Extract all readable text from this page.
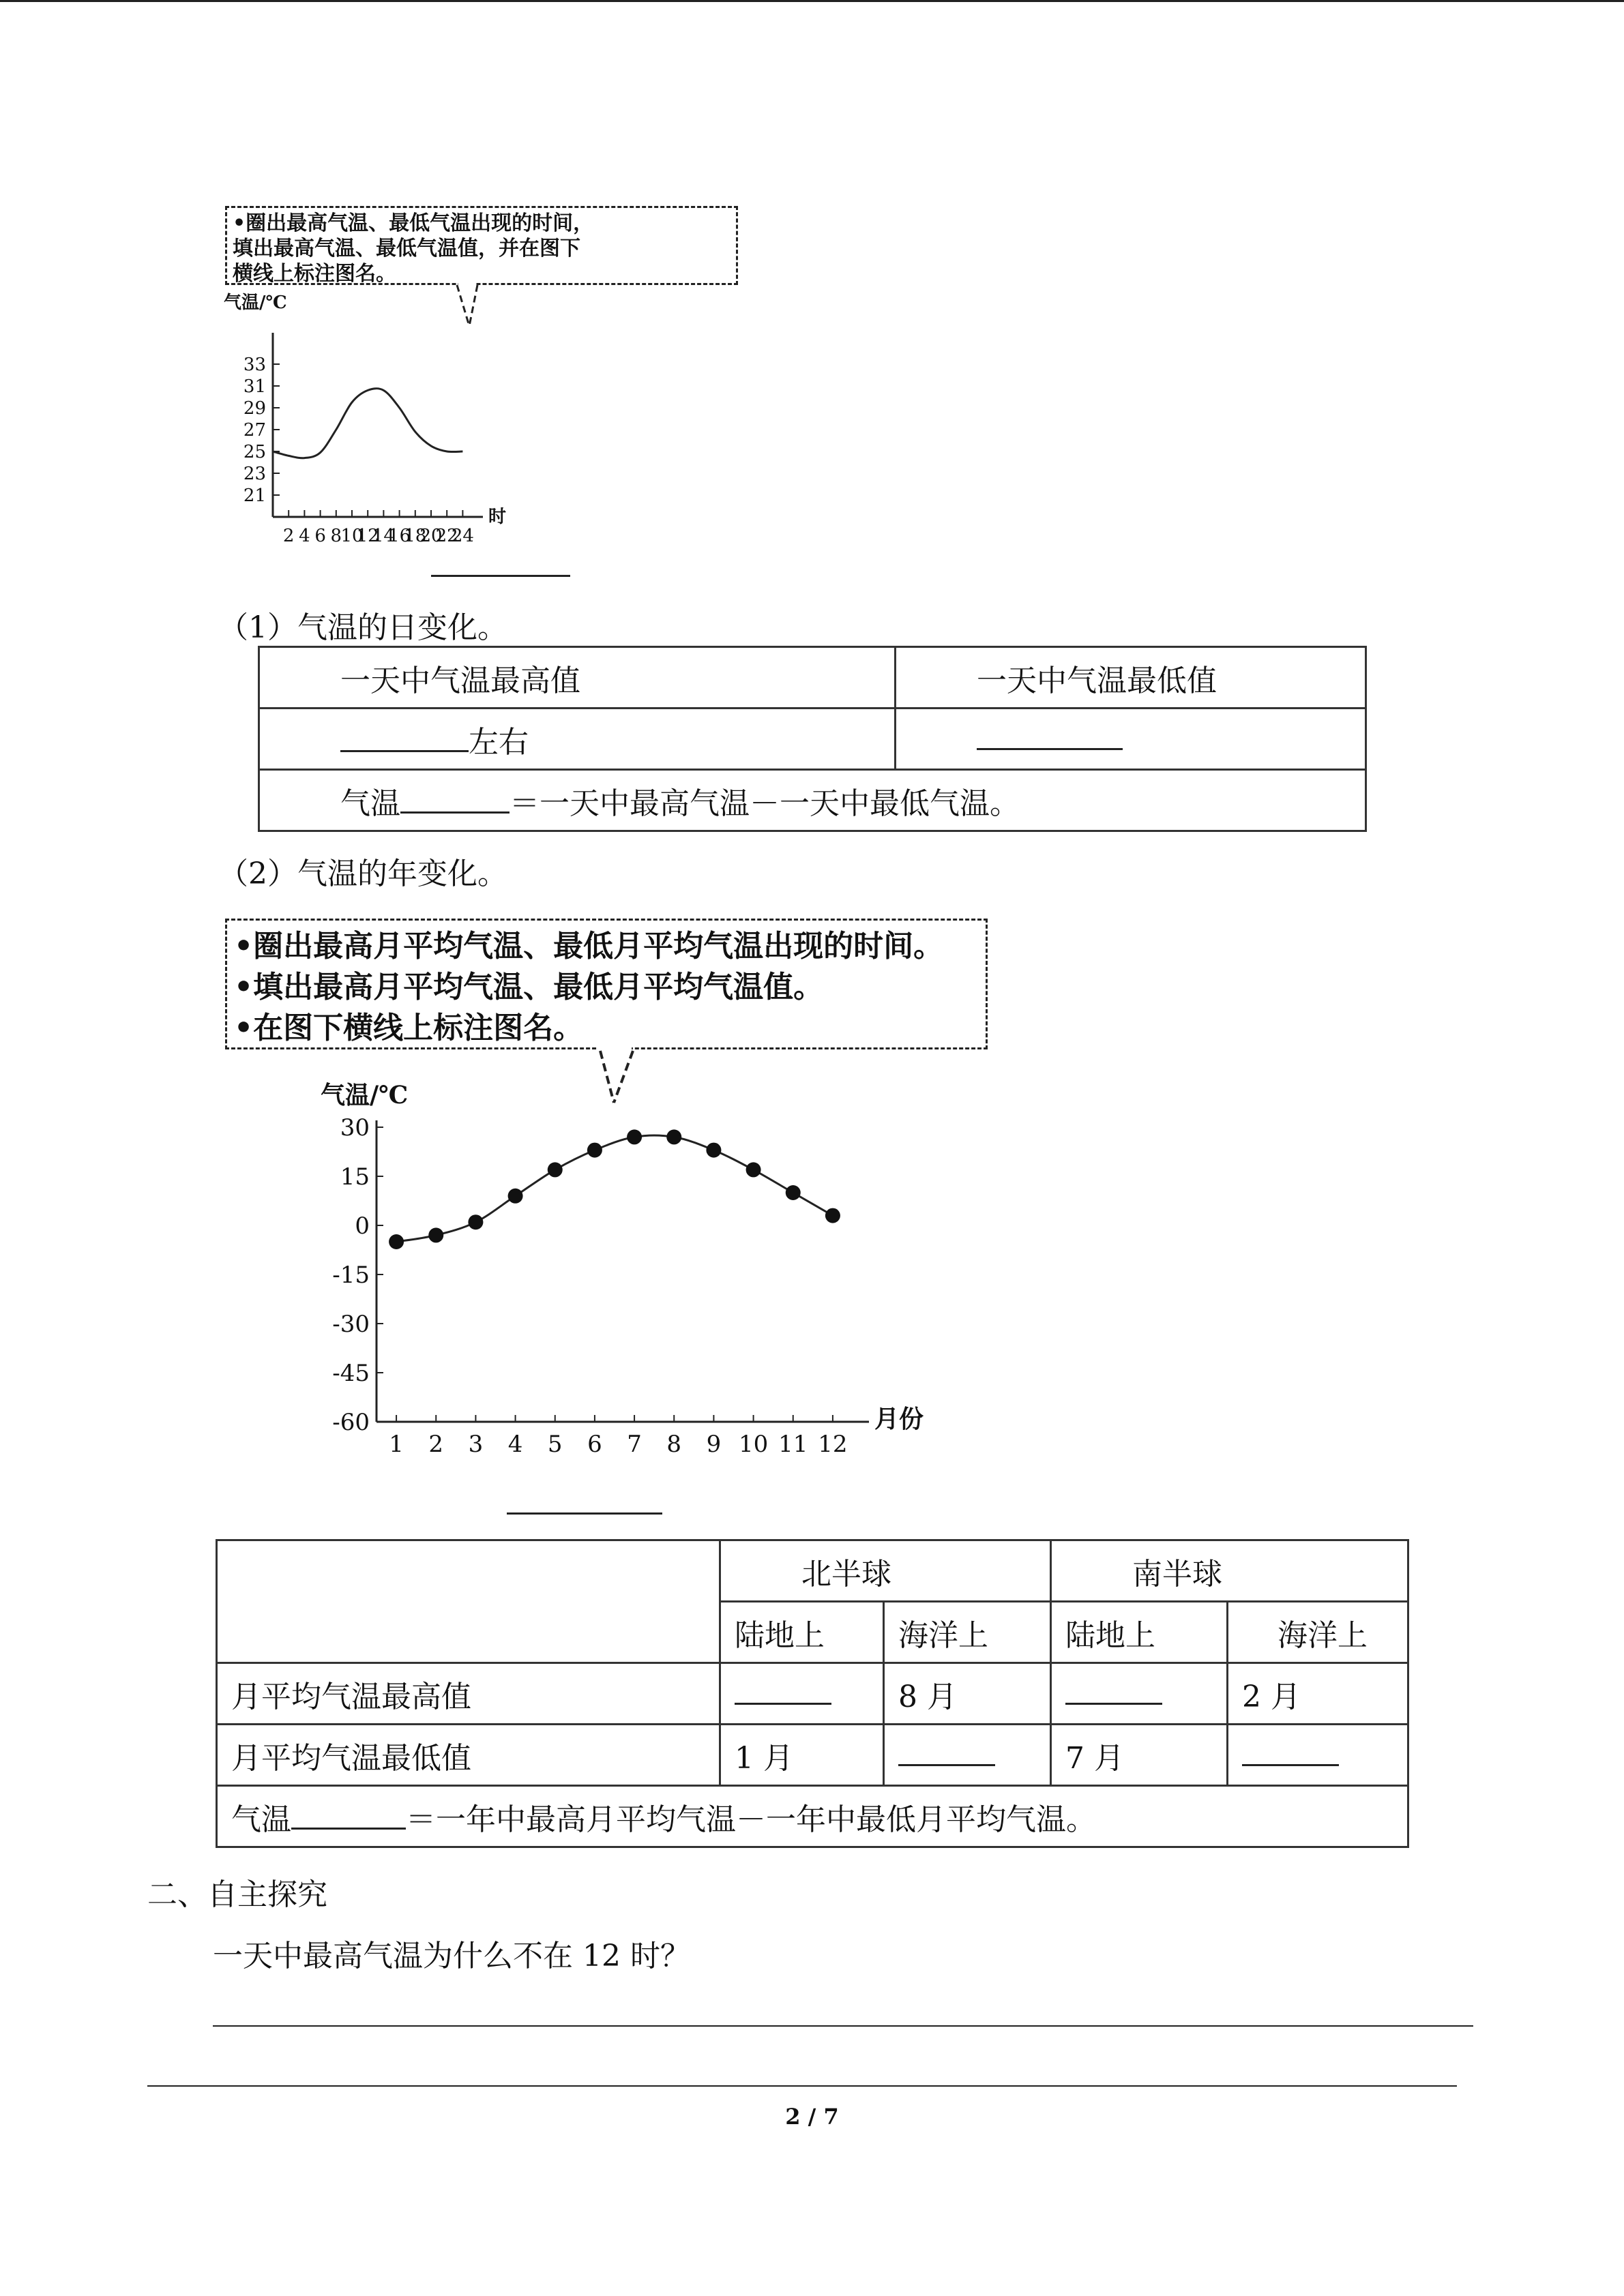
•圈出最高气温、最低气温出现的时间，
填出最高气温、最低气温值，并在图下
横线上标注图名。
气温/℃
时
21
23
25
27
29
31
33
2 4 6 8
10
12
14
16
18
20
22
24
（1）气温的日变化。
一天中气温最高值	一天中气温最低值
左右	
气温 ＝一天中最高气温－一天中最低气温。	
（2）气温的年变化。
•圈出最高月平均气温、最低月平均气温出现的时间。
•填出最高月平均气温、最低月平均气温值。
•在图下横线上标注图名。
气温/℃
月份
30
15
0
-15
-30
-45
-60
1 2 3 4 5 6 7 8 9 10 11 12
	北半球		南半球	
	陆地上	海洋上	陆地上	海洋上
月平均气温最高值		8 月		2 月
月平均气温最低值	1 月		7 月	
气温 ＝一年中最高月平均气温－一年中最低月平均气温。				
二、自主探究
一天中最高气温为什么不在 12 时？
2 / 7
